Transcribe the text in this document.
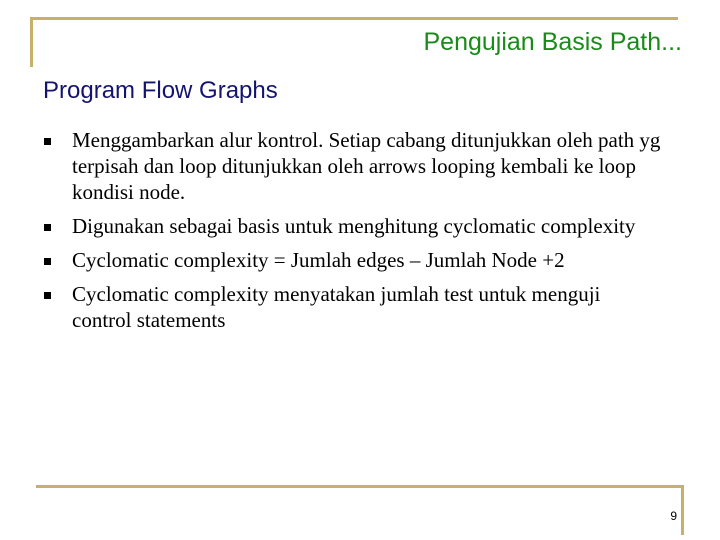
Pengujian Basis Path...
Program Flow Graphs
Menggambarkan alur kontrol. Setiap cabang ditunjukkan oleh path yg terpisah dan loop ditunjukkan oleh arrows looping kembali ke loop kondisi node.
Digunakan sebagai basis untuk menghitung cyclomatic complexity
Cyclomatic complexity = Jumlah edges – Jumlah Node +2
Cyclomatic complexity menyatakan jumlah test untuk menguji control statements
9
